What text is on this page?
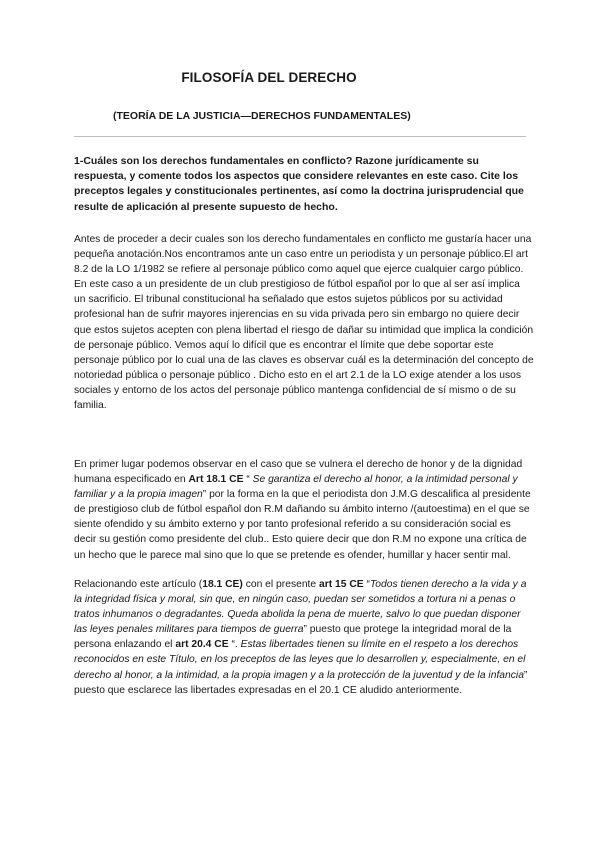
FILOSOFÍA DEL DERECHO
(TEORÍA DE LA JUSTICIA—DERECHOS FUNDAMENTALES)

1-Cuáles son los derechos fundamentales en conflicto? Razone jurídicamente su respuesta, y comente todos los aspectos que considere relevantes en este caso. Cite los preceptos legales y constitucionales pertinentes, así como la doctrina jurisprudencial que resulte de aplicación al presente supuesto de hecho.

Antes de proceder a decir cuales son los derecho fundamentales en conflicto me gustaría hacer una pequeña anotación.Nos encontramos ante un caso entre un periodista y un personaje público.El art 8.2 de la LO 1/1982 se refiere al personaje público como aquel que ejerce cualquier cargo público. En este caso a un presidente de un club prestigioso de fútbol español por lo que al ser así implica un sacrificio. El tribunal constitucional ha señalado que estos sujetos públicos por su actividad profesional han de sufrir mayores injerencias en su vida privada pero sin embargo no quiere decir que estos sujetos acepten con plena libertad el riesgo de dañar su intimidad que implica la condición de personaje público. Vemos aquí lo difícil que es encontrar el límite que debe soportar este personaje público por lo cual una de las claves es observar cuál es la determinación del concepto de notoriedad pública o personaje público . Dicho esto en el art 2.1 de la LO exige atender a los usos sociales y entorno de los actos del personaje público mantenga confidencial de sí mismo o de su familia.

En primer lugar podemos observar en el caso que se vulnera el derecho de honor y de la dignidad humana especificado en Art 18.1 CE “ Se garantiza el derecho al honor, a la intimidad personal y familiar y a la propia imagen” por la forma en la que el periodista don J.M.G descalifica al presidente de prestigioso club de fútbol español don R.M dañando su ámbito interno /(autoestima) en el que se siente ofendido y su ámbito externo y por tanto profesional referido a su consideración social es decir su gestión como presidente del club.. Esto quiere decir que don R.M no expone una crítica de un hecho que le parece mal sino que lo que se pretende es ofender, humillar y hacer sentir mal.

Relacionando este artículo (18.1 CE) con el presente art 15 CE “Todos tienen derecho a la vida y a la integridad física y moral, sin que, en ningún caso, puedan ser sometidos a tortura ni a penas o tratos inhumanos o degradantes. Queda abolida la pena de muerte, salvo lo que puedan disponer las leyes penales militares para tiempos de guerra” puesto que protege la integridad moral de la persona enlazando el art 20.4 CE “. Estas libertades tienen su límite en el respeto a los derechos reconocidos en este Título, en los preceptos de las leyes que lo desarrollen y, especialmente, en el derecho al honor, a la intimidad, a la propia imagen y a la protección de la juventud y de la infancia” puesto que esclarece las libertades expresadas en el 20.1 CE aludido anteriormente.
